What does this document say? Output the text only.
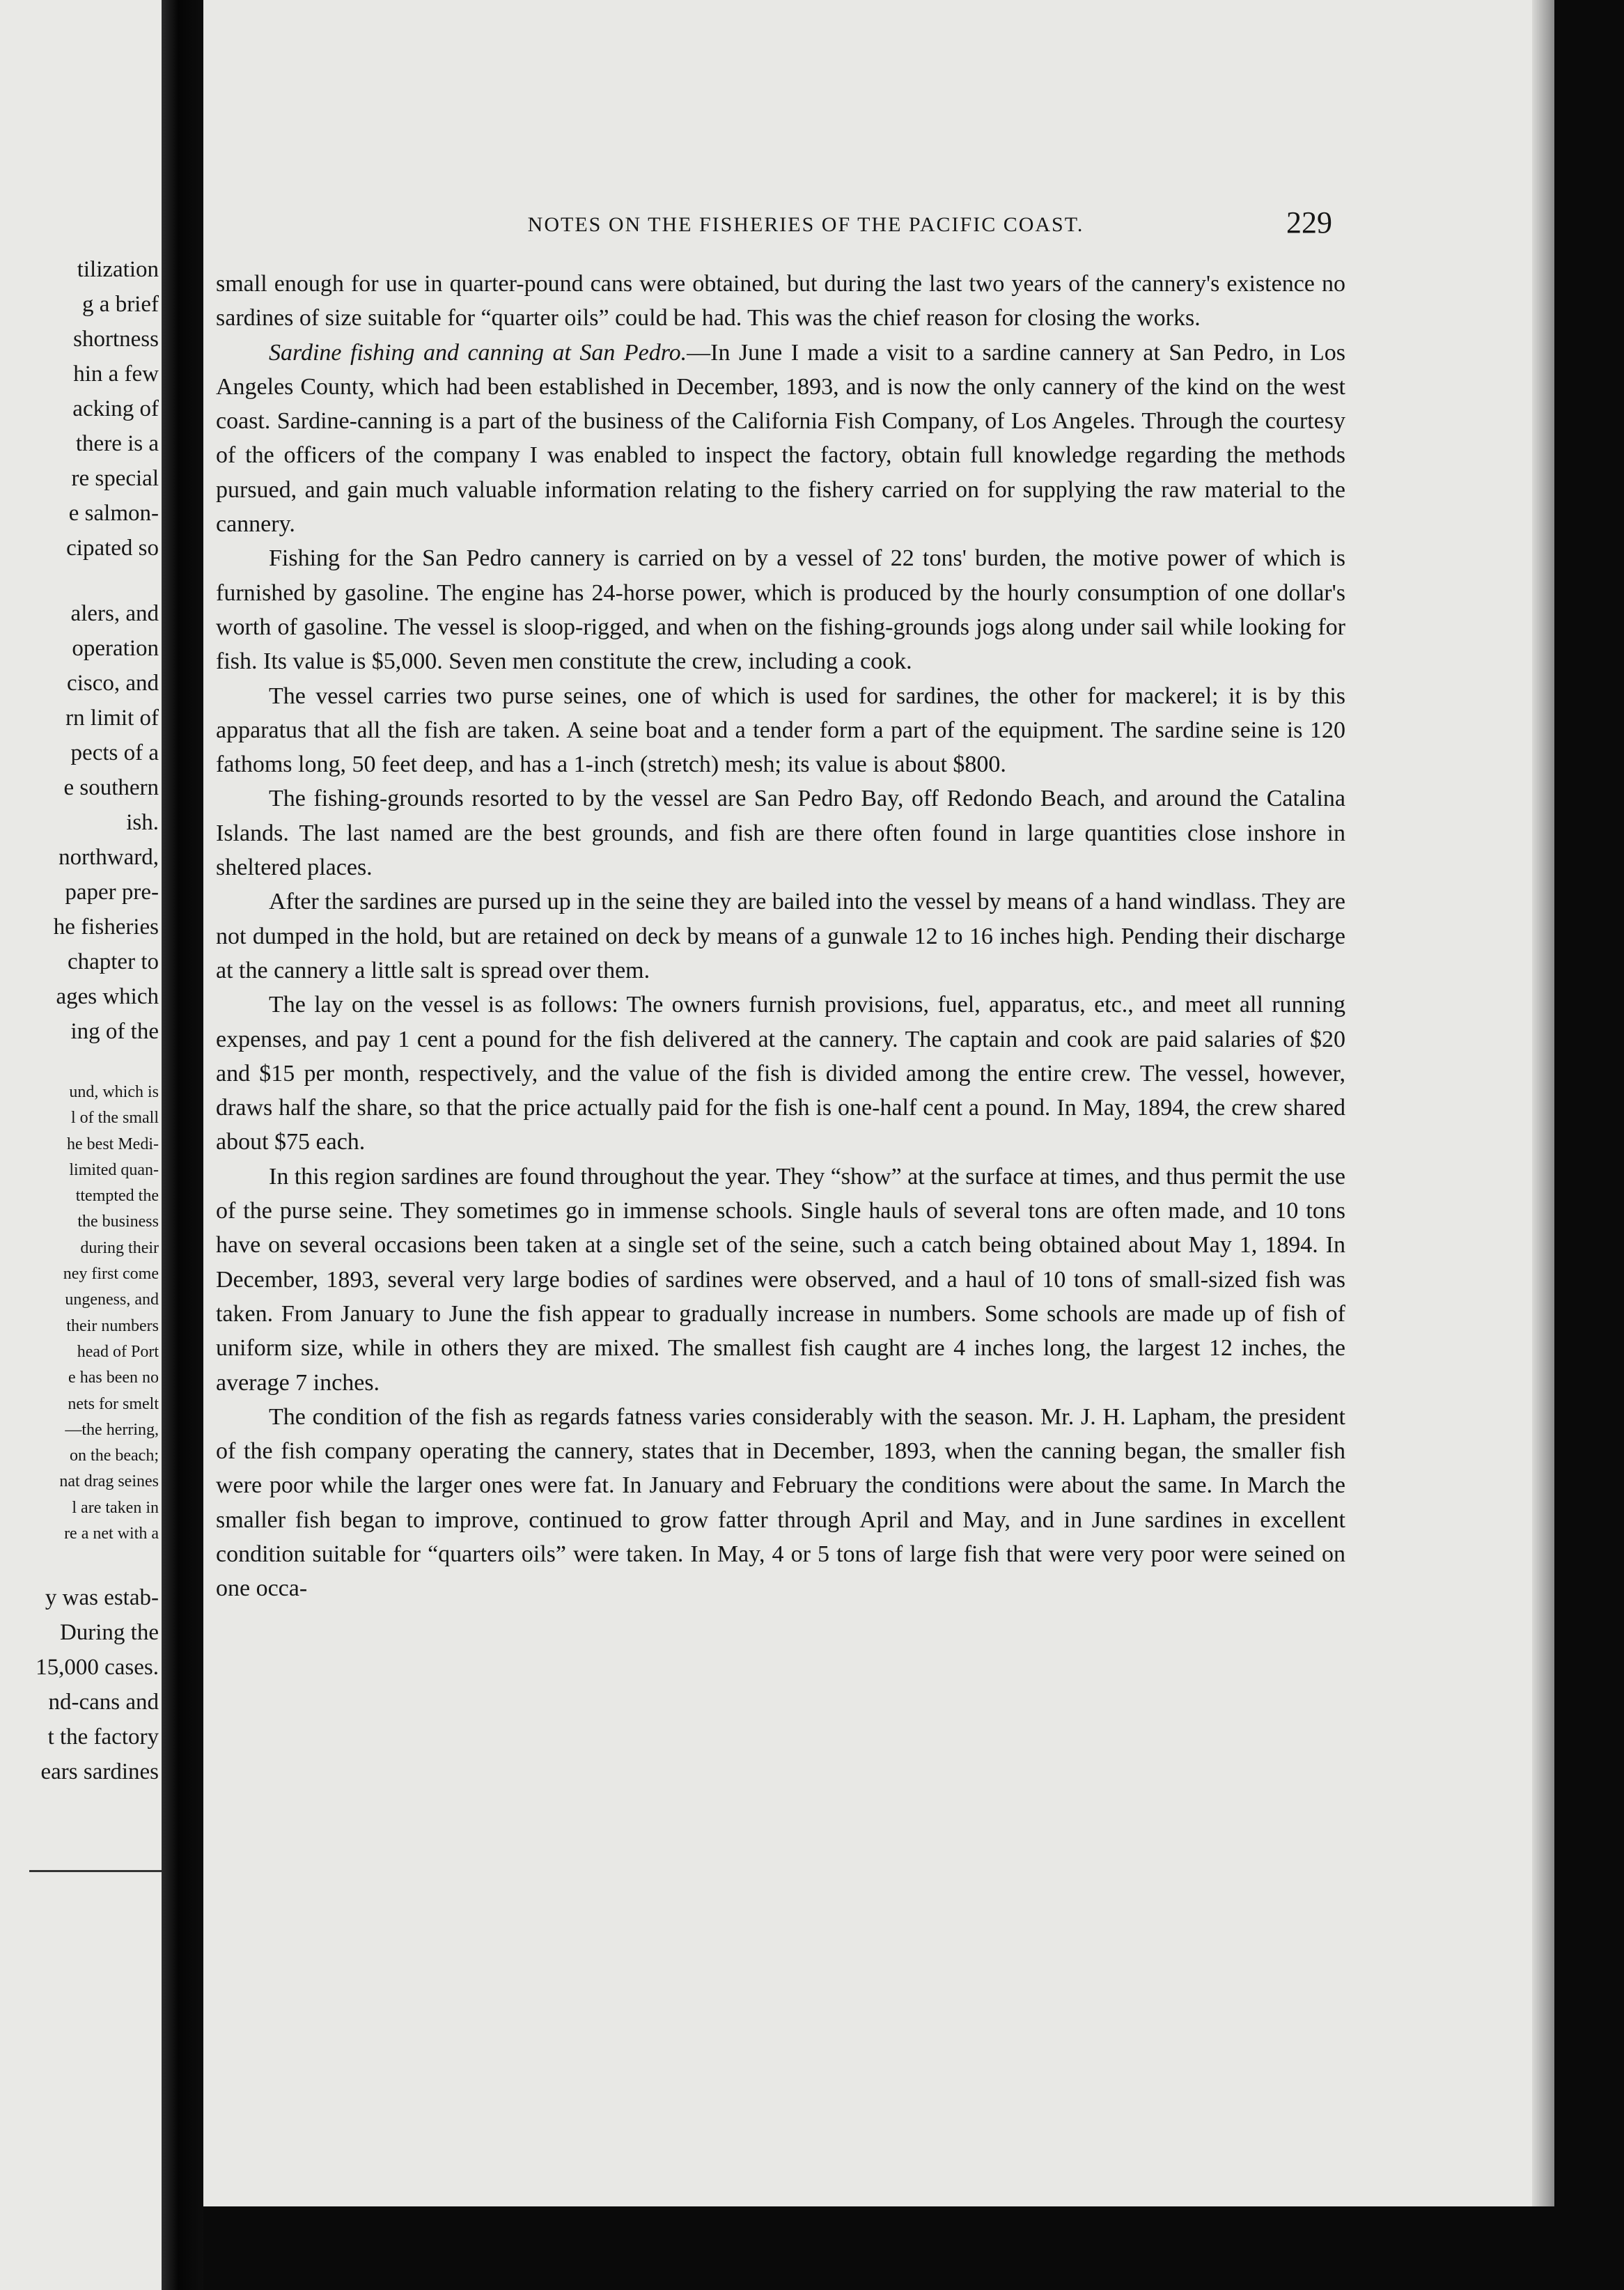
tilization
g a brief
shortness
hin a few
acking of
there is a
re special
e salmon-
cipated so
alers, and
operation
cisco, and
rn limit of
pects of a
e southern
ish.
northward,
paper pre-
he fisheries
chapter to
ages which
ing of the
und, which is
l of the small
he best Medi-
limited quan-
ttempted the
the business
during their
ney first come
ungeness, and
their numbers
head of Port
e has been no
nets for smelt
—the herring,
on the beach;
nat drag seines
l are taken in
re a net with a
y was estab-
During the
15,000 cases.
nd-cans and
t the factory
ears sardines
NOTES ON THE FISHERIES OF THE PACIFIC COAST.	229

small enough for use in quarter-pound cans were obtained, but during the last two years of the cannery's existence no sardines of size suitable for “quarter oils” could be had. This was the chief reason for closing the works.

Sardine fishing and canning at San Pedro.—In June I made a visit to a sardine cannery at San Pedro, in Los Angeles County, which had been established in December, 1893, and is now the only cannery of the kind on the west coast. Sardine-canning is a part of the business of the California Fish Company, of Los Angeles. Through the courtesy of the officers of the company I was enabled to inspect the factory, obtain full knowledge regarding the methods pursued, and gain much valuable information relating to the fishery carried on for supplying the raw material to the cannery.

Fishing for the San Pedro cannery is carried on by a vessel of 22 tons' burden, the motive power of which is furnished by gasoline. The engine has 24-horse power, which is produced by the hourly consumption of one dollar's worth of gasoline. The vessel is sloop-rigged, and when on the fishing-grounds jogs along under sail while looking for fish. Its value is $5,000. Seven men constitute the crew, including a cook.

The vessel carries two purse seines, one of which is used for sardines, the other for mackerel; it is by this apparatus that all the fish are taken. A seine boat and a tender form a part of the equipment. The sardine seine is 120 fathoms long, 50 feet deep, and has a 1-inch (stretch) mesh; its value is about $800.

The fishing-grounds resorted to by the vessel are San Pedro Bay, off Redondo Beach, and around the Catalina Islands. The last named are the best grounds, and fish are there often found in large quantities close inshore in sheltered places.

After the sardines are pursed up in the seine they are bailed into the vessel by means of a hand windlass. They are not dumped in the hold, but are retained on deck by means of a gunwale 12 to 16 inches high. Pending their discharge at the cannery a little salt is spread over them.

The lay on the vessel is as follows: The owners furnish provisions, fuel, apparatus, etc., and meet all running expenses, and pay 1 cent a pound for the fish delivered at the cannery. The captain and cook are paid salaries of $20 and $15 per month, respectively, and the value of the fish is divided among the entire crew. The vessel, however, draws half the share, so that the price actually paid for the fish is one-half cent a pound. In May, 1894, the crew shared about $75 each.

In this region sardines are found throughout the year. They “show” at the surface at times, and thus permit the use of the purse seine. They sometimes go in immense schools. Single hauls of several tons are often made, and 10 tons have on several occasions been taken at a single set of the seine, such a catch being obtained about May 1, 1894. In December, 1893, several very large bodies of sardines were observed, and a haul of 10 tons of small-sized fish was taken. From January to June the fish appear to gradually increase in numbers. Some schools are made up of fish of uniform size, while in others they are mixed. The smallest fish caught are 4 inches long, the largest 12 inches, the average 7 inches.

The condition of the fish as regards fatness varies considerably with the season. Mr. J. H. Lapham, the president of the fish company operating the cannery, states that in December, 1893, when the canning began, the smaller fish were poor while the larger ones were fat. In January and February the conditions were about the same. In March the smaller fish began to improve, continued to grow fatter through April and May, and in June sardines in excellent condition suitable for “quarters oils” were taken. In May, 4 or 5 tons of large fish that were very poor were seined on one occa-
